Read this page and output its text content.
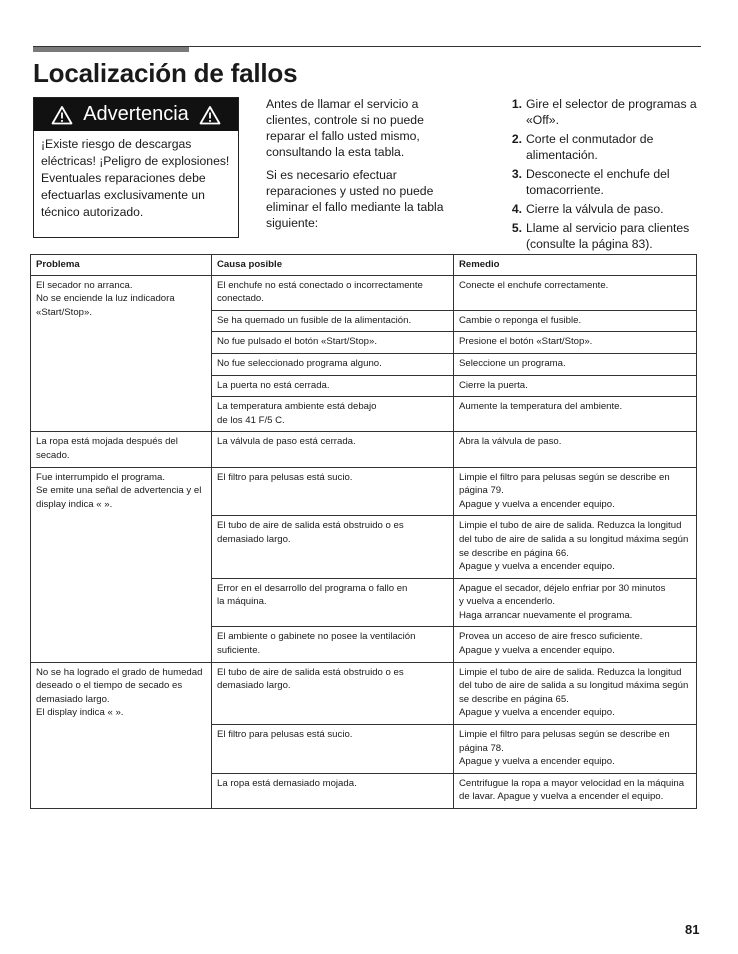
Localización de fallos
Advertencia
¡Existe riesgo de descargas eléctricas! ¡Peligro de explosiones! Eventuales reparaciones debe efectuarlas exclusivamente un técnico autorizado.

Antes de llamar el servicio a clientes, controle si no puede reparar el fallo usted mismo, consultando la esta tabla.

Si es necesario efectuar reparaciones y usted no puede eliminar el fallo mediante la tabla siguiente:

1. Gire el selector de programas a «Off».
2. Corte el conmutador de alimentación.
3. Desconecte el enchufe del tomacorriente.
4. Cierre la válvula de paso.
5. Llame al servicio para clientes (consulte la página 83).
Problema	Causa posible	Remedio

El secador no arranca.
No se enciende la luz indicadora «Start/Stop».	El enchufe no está conectado o incorrectamente conectado.	Conecte el enchufe correctamente.

	Se ha quemado un fusible de la alimentación.	Cambie o reponga el fusible.

	No fue pulsado el botón «Start/Stop».	Presione el botón «Start/Stop».

	No fue seleccionado programa alguno.	Seleccione un programa.

	La puerta no está cerrada.	Cierre la puerta.

	La temperatura ambiente está debajo
de los 41 F/5 C.	Aumente la temperatura del ambiente.

La ropa está mojada después del secado.	La válvula de paso está cerrada.	Abra la válvula de paso.

Fue interrumpido el programa.
Se emite una señal de advertencia y el display indica « ».	El filtro para pelusas está sucio.	Limpie el filtro para pelusas según se describe en página 79.
Apague y vuelva a encender equipo.

	El tubo de aire de salida está obstruido o es demasiado largo.	Limpie el tubo de aire de salida. Reduzca la longitud del tubo de aire de salida a su longitud máxima según se describe en página 66.
Apague y vuelva a encender equipo.

	Error en el desarrollo del programa o fallo en
la máquina.	Apague el secador, déjelo enfriar por 30 minutos
y vuelva a encenderlo.
Haga arrancar nuevamente el programa.

	El ambiente o gabinete no posee la ventilación suficiente.	Provea un acceso de aire fresco suficiente.
Apague y vuelva a encender equipo.

No se ha logrado el grado de humedad deseado o el tiempo de secado es demasiado largo.
El display indica « ».	El tubo de aire de salida está obstruido o es demasiado largo.	Limpie el tubo de aire de salida. Reduzca la longitud del tubo de aire de salida a su longitud máxima según se describe en página 65.
Apague y vuelva a encender equipo.

	El filtro para pelusas está sucio.	Limpie el filtro para pelusas según se describe en página 78.
Apague y vuelva a encender equipo.

	La ropa está demasiado mojada.	Centrifugue la ropa a mayor velocidad en la máquina de lavar. Apague y vuelva a encender el equipo.
81
